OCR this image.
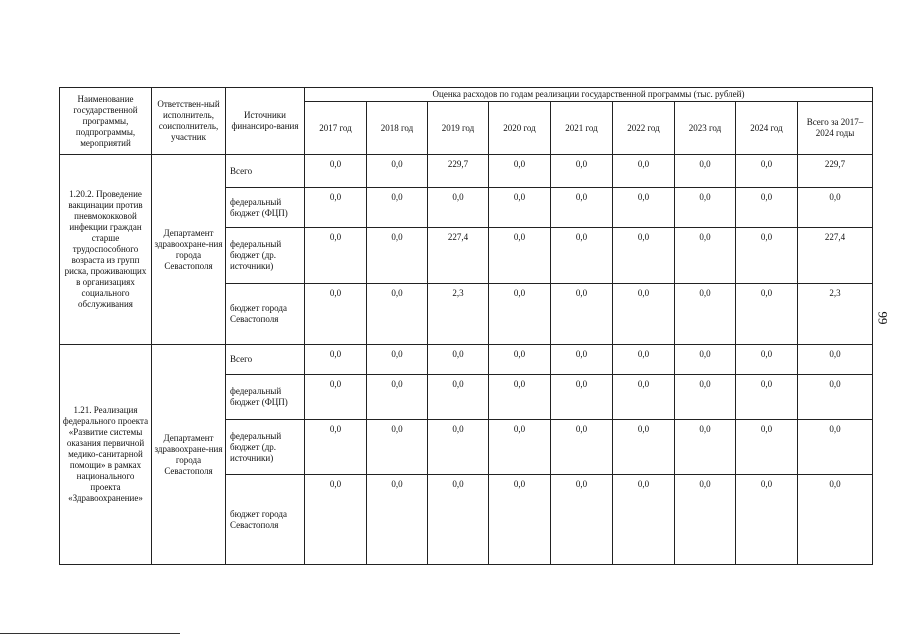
Наименование государственной программы, подпрограммы, мероприятий	Ответствен-ный исполнитель, соисполнитель, участник	Источники финансиро-вания	Оценка расходов по годам реализации государственной программы (тыс. рублей)								
			2017 год	2018 год	2019 год	2020 год	2021 год	2022 год	2023 год	2024 год	Всего за 2017–2024 годы
1.20.2. Проведение вакцинации против пневмококковой инфекции граждан старше трудоспособного возраста из групп риска, проживающих в организациях социального обслуживания	Департамент здравоохране-ния города Севастополя	Всего	0,0	0,0	229,7	0,0	0,0	0,0	0,0	0,0	229,7
		федеральный бюджет (ФЦП)	0,0	0,0	0,0	0,0	0,0	0,0	0,0	0,0	0,0
		федеральный бюджет (др. источники)	0,0	0,0	227,4	0,0	0,0	0,0	0,0	0,0	227,4
		бюджет города Севастополя	0,0	0,0	2,3	0,0	0,0	0,0	0,0	0,0	2,3
1.21. Реализация федерального проекта «Развитие системы оказания первичной медико-санитарной помощи» в рамках национального проекта «Здравоохранение»	Департамент здравоохране-ния города Севастополя	Всего	0,0	0,0	0,0	0,0	0,0	0,0	0,0	0,0	0,0
		федеральный бюджет (ФЦП)	0,0	0,0	0,0	0,0	0,0	0,0	0,0	0,0	0,0
		федеральный бюджет (др. источники)	0,0	0,0	0,0	0,0	0,0	0,0	0,0	0,0	0,0
		бюджет города Севастополя	0,0	0,0	0,0	0,0	0,0	0,0	0,0	0,0	0,0
99
